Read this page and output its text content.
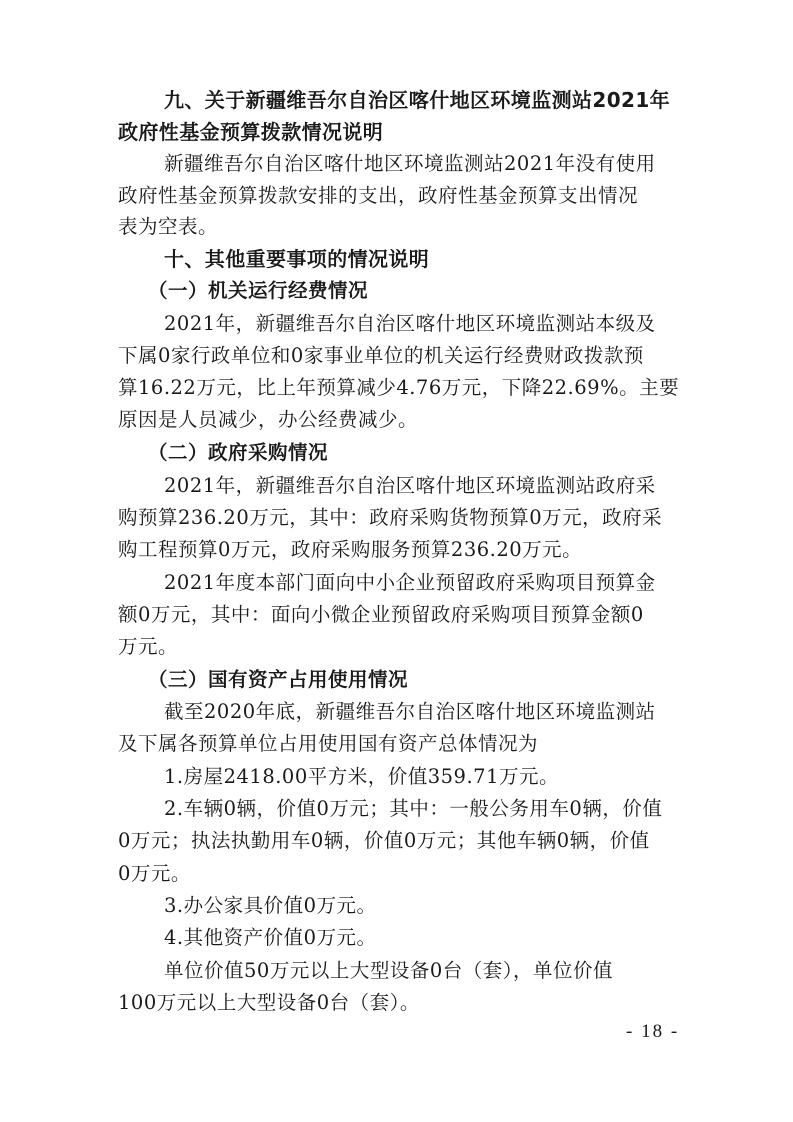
九、关于新疆维吾尔自治区喀什地区环境监测站2021年
政府性基金预算拨款情况说明
新疆维吾尔自治区喀什地区环境监测站2021年没有使用
政府性基金预算拨款安排的支出，政府性基金预算支出情况
表为空表。
十、其他重要事项的情况说明
（一）机关运行经费情况
2021年，新疆维吾尔自治区喀什地区环境监测站本级及
下属0家行政单位和0家事业单位的机关运行经费财政拨款预
算16.22万元，比上年预算减少4.76万元，下降22.69%。主要
原因是人员减少，办公经费减少。
（二）政府采购情况
2021年，新疆维吾尔自治区喀什地区环境监测站政府采
购预算236.20万元，其中：政府采购货物预算0万元，政府采
购工程预算0万元，政府采购服务预算236.20万元。
2021年度本部门面向中小企业预留政府采购项目预算金
额0万元，其中：面向小微企业预留政府采购项目预算金额0
万元。
（三）国有资产占用使用情况
截至2020年底，新疆维吾尔自治区喀什地区环境监测站
及下属各预算单位占用使用国有资产总体情况为
1.房屋2418.00平方米，价值359.71万元。
2.车辆0辆，价值0万元；其中：一般公务用车0辆，价值
0万元；执法执勤用车0辆，价值0万元；其他车辆0辆，价值
0万元。
3.办公家具价值0万元。
4.其他资产价值0万元。
单位价值50万元以上大型设备0台（套），单位价值
100万元以上大型设备0台（套）。
- 18 -
